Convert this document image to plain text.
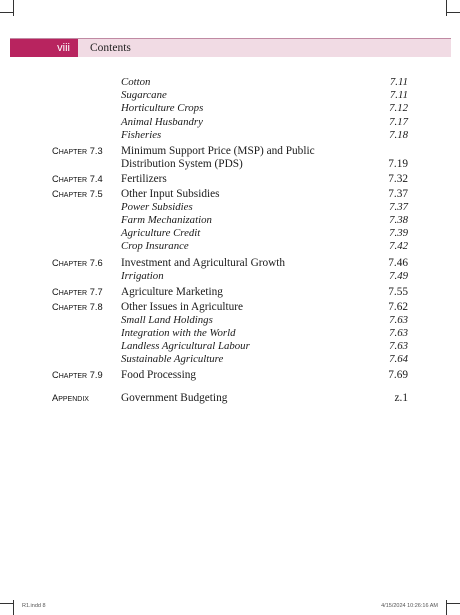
viii	Contents
Cotton	7.11
Sugarcane	7.11
Horticulture Crops	7.12
Animal Husbandry	7.17
Fisheries	7.18
Chapter 7.3 Minimum Support Price (MSP) and Public
Distribution System (PDS)	7.19
Chapter 7.4 Fertilizers	7.32
Chapter 7.5 Other Input Subsidies	7.37
Power Subsidies	7.37
Farm Mechanization	7.38
Agriculture Credit	7.39
Crop Insurance	7.42
Chapter 7.6 Investment and Agricultural Growth	7.46
Irrigation	7.49
Chapter 7.7 Agriculture Marketing	7.55
Chapter 7.8 Other Issues in Agriculture	7.62
Small Land Holdings	7.63
Integration with the World	7.63
Landless Agricultural Labour	7.63
Sustainable Agriculture	7.64
Chapter 7.9 Food Processing	7.69
Appendix	Government Budgeting	z.1
R1.indd 8	4/15/2024 10:26:16 AM
